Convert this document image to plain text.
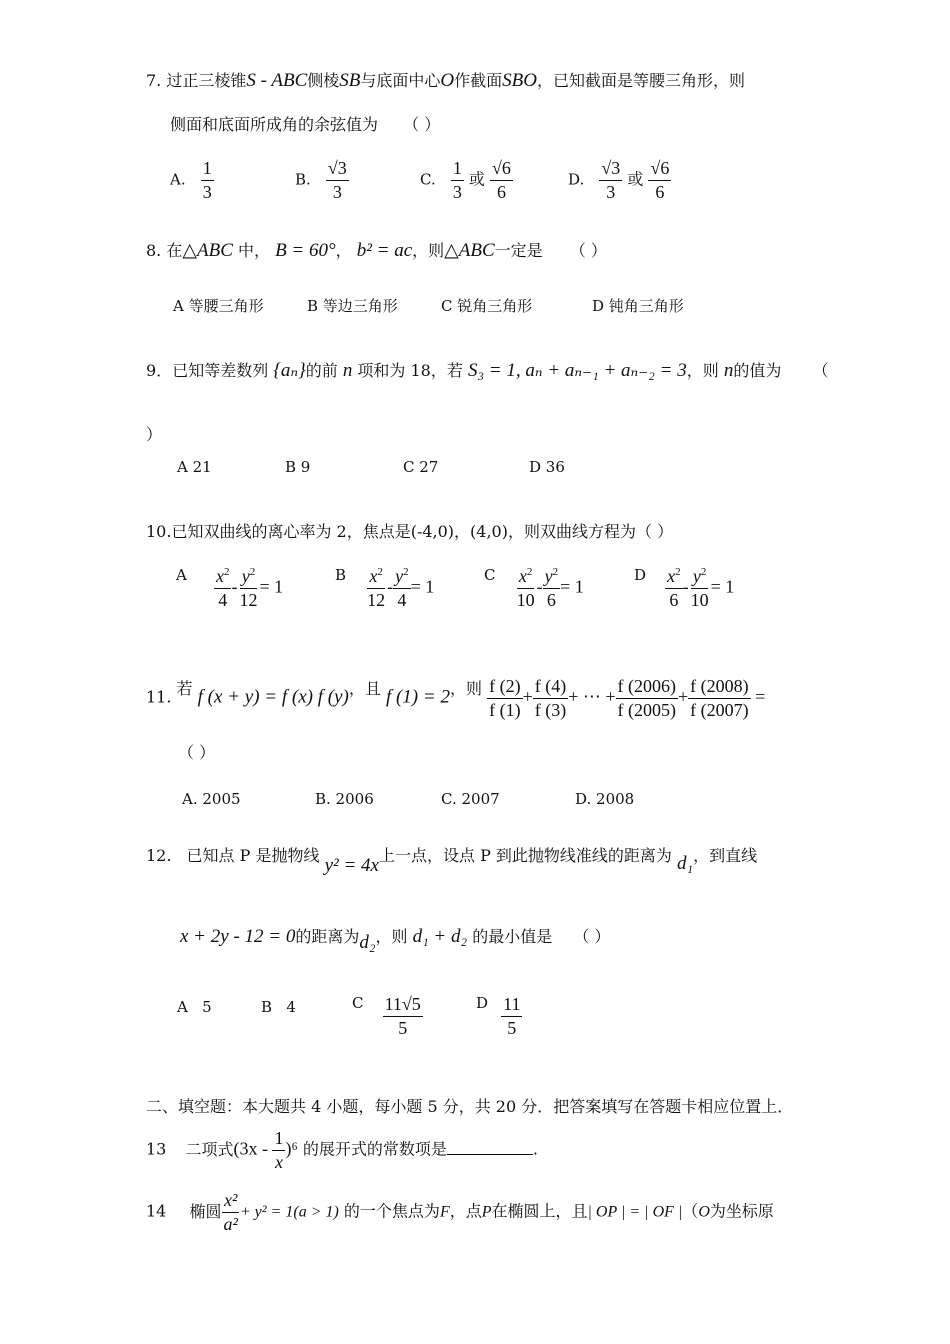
7. 过正三棱锥S - ABC侧棱SB与底面中心O作截面SBO，已知截面是等腰三角形，则
侧面和底面所成角的余弦值为 （ ）
A. $\frac{1}{3}$	B. $\frac{√3}{3}$	C. $\frac{1}{3}$ 或 $\frac{√6}{6}$	D. $\frac{√3}{3}$ 或 $\frac{√6}{6}$
8. 在△ABC 中， B = 60°， b² = ac，则△ABC一定是 （ ）
A 等腰三角形	B 等边三角形	C 锐角三角形	D 钝角三角形
9．已知等差数列 {aₙ}的前 n 项和为 18，若 S₃ = 1, aₙ + aₙ₋₁ + aₙ₋₂ = 3，则 n的值为 （
）
A 21	B 9	C 27	D 36
10.已知双曲线的离心率为 2，焦点是(-4,0)，(4,0)，则双曲线方程为（ ）
A $\frac{x^2}{4} - \frac{y^2}{12} = 1$
B $\frac{x^2}{12} - \frac{y^2}{4} = 1$
C $\frac{x^2}{10} - \frac{y^2}{6} = 1$
D $\frac{x^2}{6} - \frac{y^2}{10} = 1$
11. 若 f (x + y) = f (x) f (y)，且 f (1) = 2，则 $\frac{f (2)}{f (1)} + \frac{f (4)}{f (3)}$ + ⋯ + $\frac{f (2006)}{f (2005)} + \frac{f (2008)}{f (2007)}$ =
（ ）
A. 2005	B. 2006	C. 2007	D. 2008
12. 已知点 P 是抛物线 y² = 4x上一点，设点 P 到此抛物线准线的距离为 d₁，到直线
x + 2y - 12 = 0的距离为d₂，则 d₁ + d₂ 的最小值是 （ ）
A 5	B 4	C $\frac{11√5}{5}$	D $\frac{11}{5}$
二、填空题：本大题共 4 小题，每小题 5 分，共 20 分．把答案填写在答题卡相应位置上．
13 二项式$(3x - \frac{1}{x} )^6$ 的展开式的常数项是	.
14 椭圆 $\frac{\text{x²}}{\text{a²}} + y^2 = 1(a > 1)$ 的一个焦点为F，点P在椭圆上，且| OP | = | OF |（O为坐标原
